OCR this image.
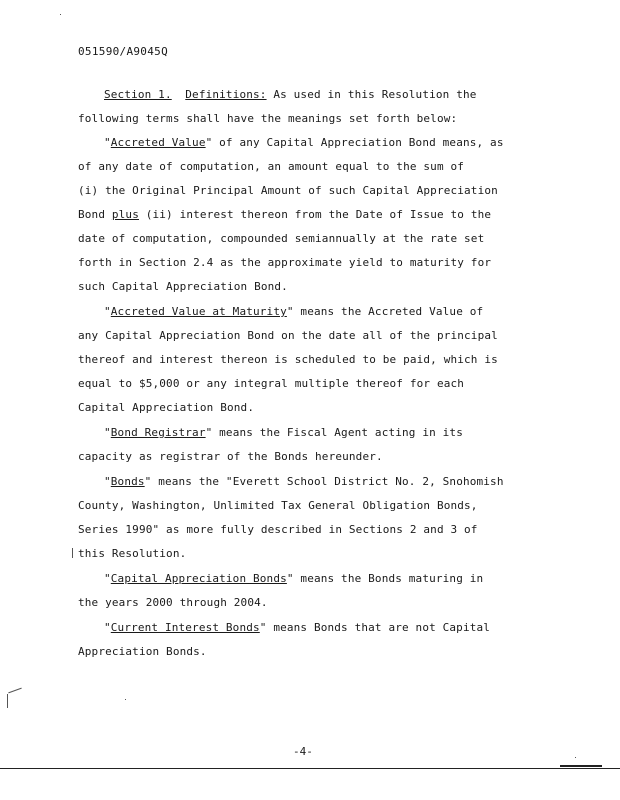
051590/A9045Q
Section 1. Definitions: As used in this Resolution the
following terms shall have the meanings set forth below:
"Accreted Value" of any Capital Appreciation Bond means, as
of any date of computation, an amount equal to the sum of
(i) the Original Principal Amount of such Capital Appreciation
Bond plus (ii) interest thereon from the Date of Issue to the
date of computation, compounded semiannually at the rate set
forth in Section 2.4 as the approximate yield to maturity for
such Capital Appreciation Bond.
"Accreted Value at Maturity" means the Accreted Value of
any Capital Appreciation Bond on the date all of the principal
thereof and interest thereon is scheduled to be paid, which is
equal to $5,000 or any integral multiple thereof for each
Capital Appreciation Bond.
"Bond Registrar" means the Fiscal Agent acting in its
capacity as registrar of the Bonds hereunder.
"Bonds" means the "Everett School District No. 2, Snohomish
County, Washington, Unlimited Tax General Obligation Bonds,
Series 1990" as more fully described in Sections 2 and 3 of
this Resolution.
"Capital Appreciation Bonds" means the Bonds maturing in
the years 2000 through 2004.
"Current Interest Bonds" means Bonds that are not Capital
Appreciation Bonds.
-4-
